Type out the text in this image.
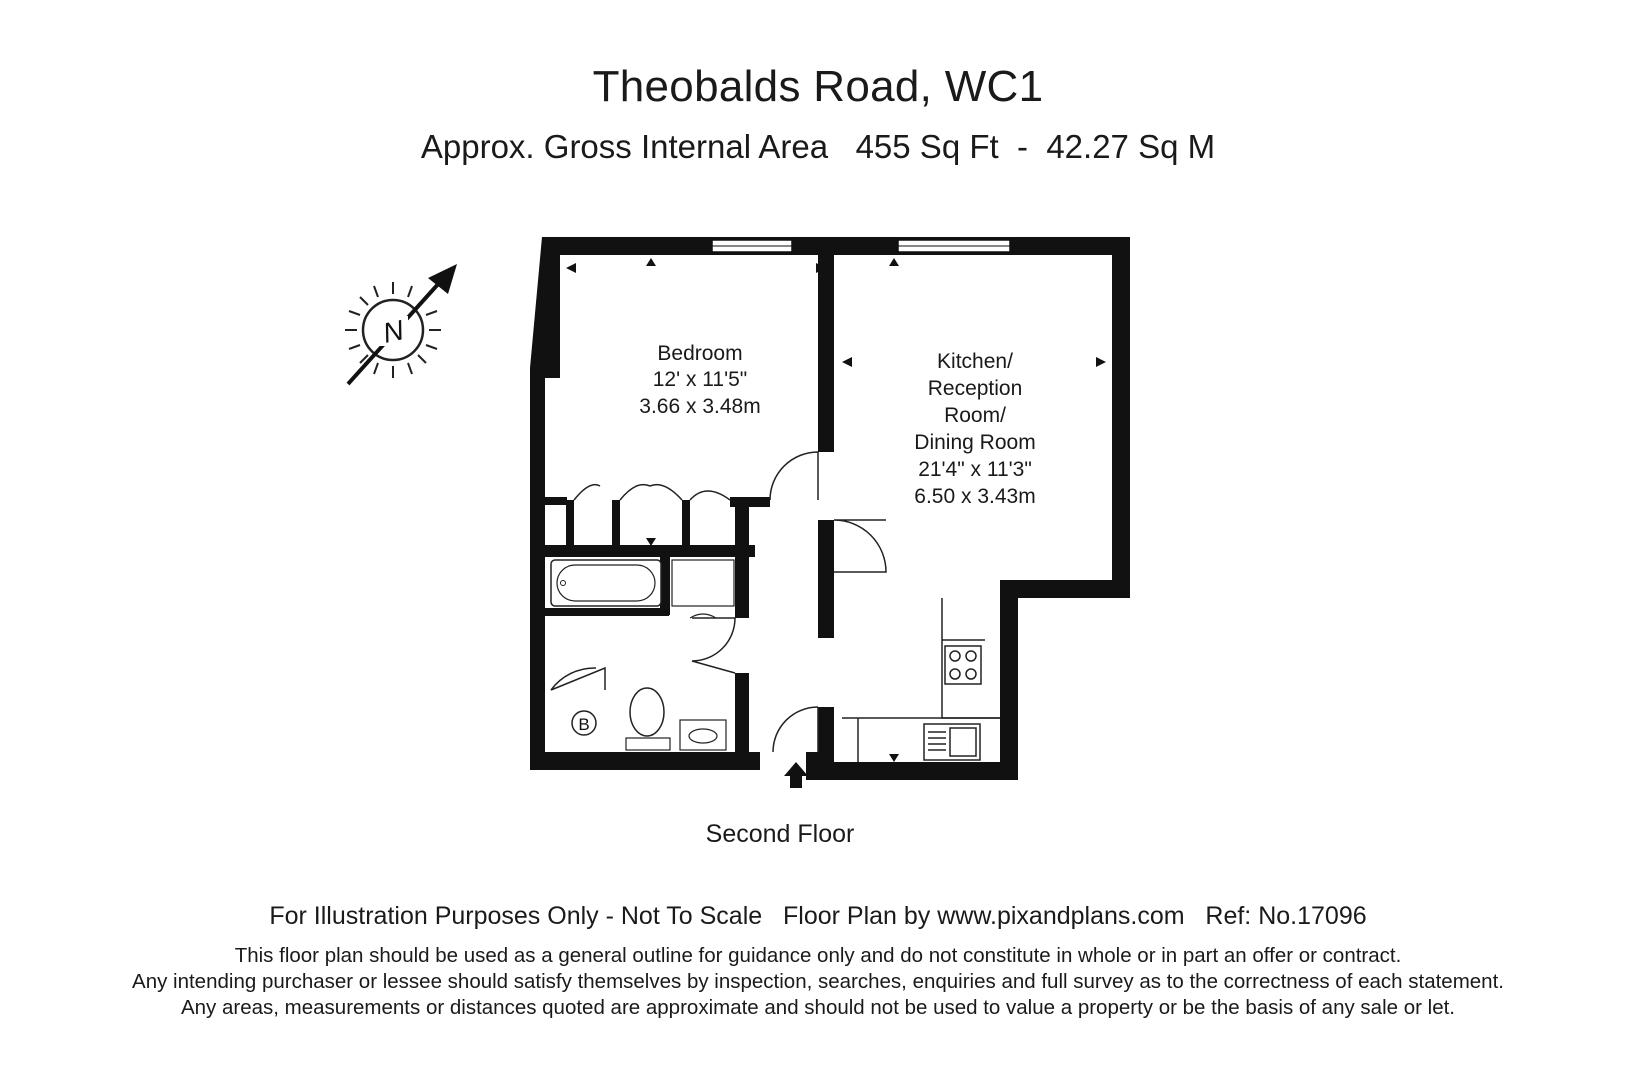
Theobalds Road, WC1
Approx. Gross Internal Area   455 Sq Ft  -  42.27 Sq M
N
B
Bedroom
12' x 11'5"
3.66 x 3.48m
Kitchen/
Reception
Room/
Dining Room
21'4" x 11'3"
6.50 x 3.43m
Second Floor
For Illustration Purposes Only - Not To Scale   Floor Plan by www.pixandplans.com   Ref: No.17096
This floor plan should be used as a general outline for guidance only and do not constitute in whole or in part an offer or contract.
Any intending purchaser or lessee should satisfy themselves by inspection, searches, enquiries and full survey as to the correctness of each statement.
Any areas, measurements or distances quoted are approximate and should not be used to value a property or be the basis of any sale or let.
